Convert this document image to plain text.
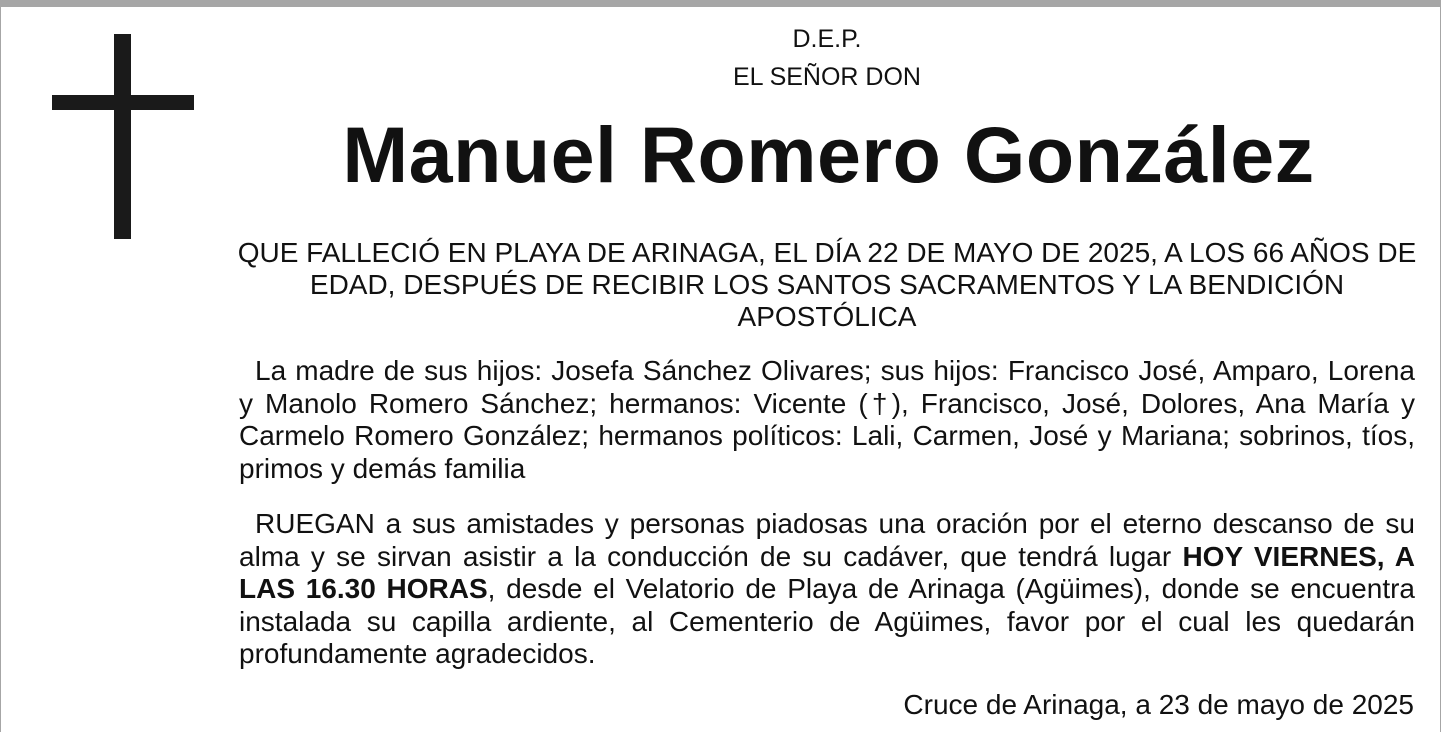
D.E.P.
EL SEÑOR DON
Manuel Romero González
QUE FALLECIÓ EN PLAYA DE ARINAGA, EL DÍA 22 DE MAYO DE 2025, A LOS 66 AÑOS DE EDAD, DESPUÉS DE RECIBIR LOS SANTOS SACRAMENTOS Y LA BENDICIÓN APOSTÓLICA
La madre de sus hijos: Josefa Sánchez Olivares; sus hijos: Francisco José, Amparo, Lorena y Manolo Romero Sánchez; hermanos: Vicente (†), Francisco, José, Dolores, Ana María y Carmelo Romero González; hermanos políticos: Lali, Carmen, José y Mariana; sobrinos, tíos, primos y demás familia
RUEGAN a sus amistades y personas piadosas una oración por el eterno descanso de su alma y se sirvan asistir a la conducción de su cadáver, que tendrá lugar HOY VIERNES, A LAS 16.30 HORAS, desde el Velatorio de Playa de Arinaga (Agüimes), donde se encuentra instalada su capilla ardiente, al Cementerio de Agüimes, favor por el cual les quedarán profundamente agradecidos.
Cruce de Arinaga, a 23 de mayo de 2025
